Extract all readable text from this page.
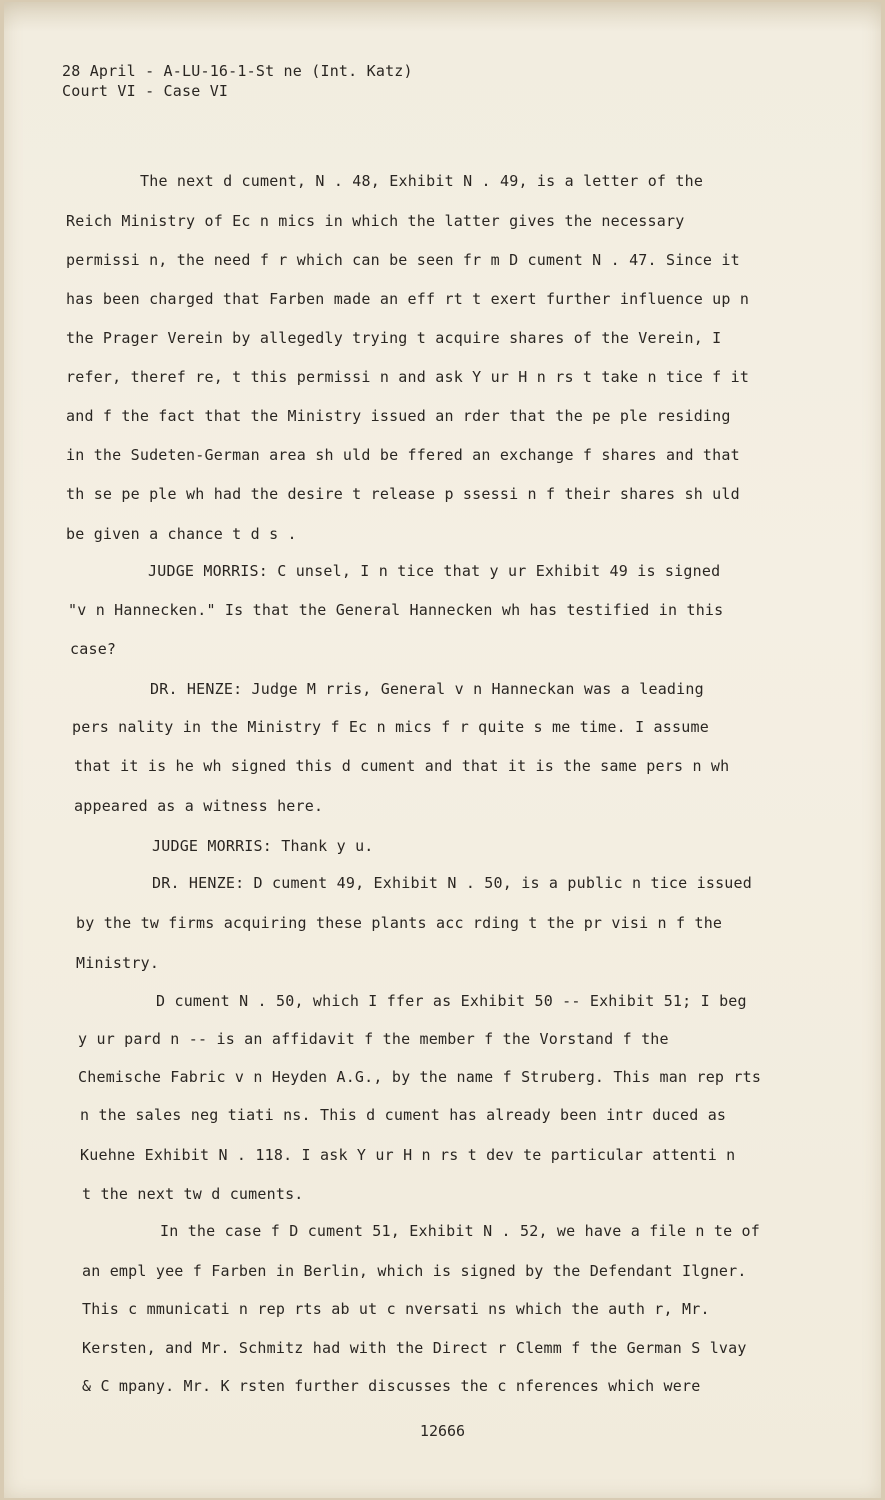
28 April - A-LU-16-1-St ne (Int. Katz)

Court VI - Case VI

The next d cument, N . 48, Exhibit N . 49, is a letter of the

Reich Ministry of Ec n mics in which the latter gives the necessary

permissi n, the need f r which can be seen fr m D cument N . 47. Since it

has been charged that Farben made an eff rt t exert further influence up n

the Prager Verein by allegedly trying t acquire shares of the Verein, I

refer, theref re, t this permissi n and ask Y ur H n rs t take n tice f it

and f the fact that the Ministry issued an rder that the pe ple residing

in the Sudeten-German area sh uld be ffered an exchange f shares and that

th se pe ple wh had the desire t release p ssessi n f their shares sh uld

be given a chance t d s .

JUDGE MORRIS: C unsel, I n tice that y ur Exhibit 49 is signed

"v n Hannecken." Is that the General Hannecken wh has testified in this

case?

DR. HENZE: Judge M rris, General v n Hanneckan was a leading

pers nality in the Ministry f Ec n mics f r quite s me time. I assume

that it is he wh signed this d cument and that it is the same pers n wh

appeared as a witness here.

JUDGE MORRIS: Thank y u.

DR. HENZE: D cument 49, Exhibit N . 50, is a public n tice issued

by the tw firms acquiring these plants acc rding t the pr visi n f the

Ministry.

D cument N . 50, which I ffer as Exhibit 50 -- Exhibit 51; I beg

y ur pard n -- is an affidavit f the member f the Vorstand f the

Chemische Fabric v n Heyden A.G., by the name f Struberg. This man rep rts

n the sales neg tiati ns. This d cument has already been intr duced as

Kuehne Exhibit N . 118. I ask Y ur H n rs t dev te particular attenti n

t the next tw d cuments.

In the case f D cument 51, Exhibit N . 52, we have a file n te of

an empl yee f Farben in Berlin, which is signed by the Defendant Ilgner.

This c mmunicati n rep rts ab ut c nversati ns which the auth r, Mr.

Kersten, and Mr. Schmitz had with the Direct r Clemm f the German S lvay

& C mpany. Mr. K rsten further discusses the c nferences which were

12666
